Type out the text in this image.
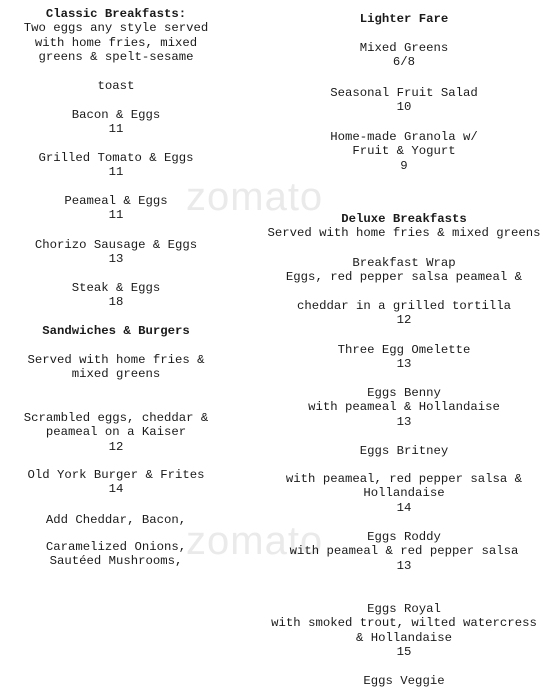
zomato
zomato
Classic Breakfasts:
Two eggs any style served
with home fries, mixed
greens & spelt-sesame
toast
Bacon & Eggs
11
Grilled Tomato & Eggs
11
Peameal & Eggs
11
Chorizo Sausage & Eggs
13
Steak & Eggs
18
Sandwiches & Burgers
Served with home fries &
mixed greens
Scrambled eggs, cheddar &
peameal on a Kaiser
12
Old York Burger & Frites
14
Add Cheddar, Bacon,
Caramelized Onions,
Sautéed Mushrooms,
Lighter Fare
Mixed Greens
6/8
Seasonal Fruit Salad
10
Home-made Granola w/
Fruit & Yogurt
9
Deluxe Breakfasts
Served with home fries & mixed greens
Breakfast Wrap
Eggs, red pepper salsa peameal &
cheddar in a grilled tortilla
12
Three Egg Omelette
13
Eggs Benny
with peameal & Hollandaise
13
Eggs Britney
with peameal, red pepper salsa &
Hollandaise
14
Eggs Roddy
with peameal & red pepper salsa
13
Eggs Royal
with smoked trout, wilted watercress
& Hollandaise
15
Eggs Veggie
